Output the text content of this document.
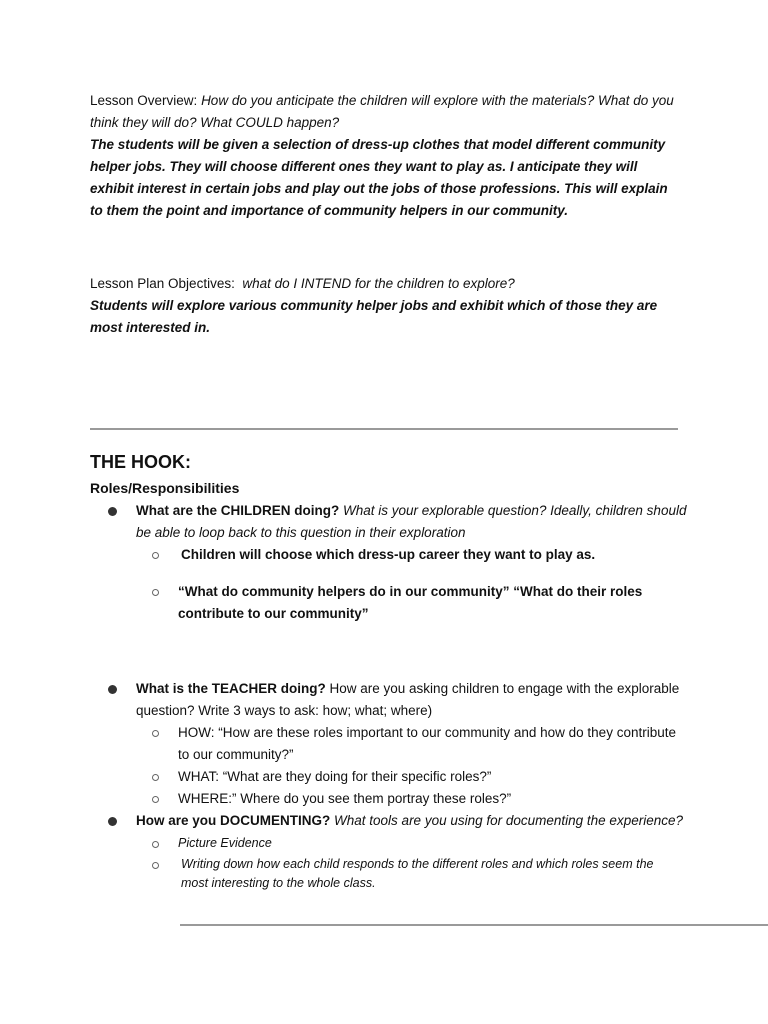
Lesson Overview: How do you anticipate the children will explore with the materials? What do you think they will do? What COULD happen?

The students will be given a selection of dress-up clothes that model different community helper jobs. They will choose different ones they want to play as. I anticipate they will exhibit interest in certain jobs and play out the jobs of those professions. This will explain to them the point and importance of community helpers in our community.

Lesson Plan Objectives: what do I INTEND for the children to explore?

Students will explore various community helper jobs and exhibit which of those they are most interested in.

THE HOOK:

Roles/Responsibilities

What are the CHILDREN doing? What is your explorable question? Ideally, children should be able to loop back to this question in their exploration
Children will choose which dress-up career they want to play as.
“What do community helpers do in our community” “What do their roles contribute to our community”
What is the TEACHER doing? How are you asking children to engage with the explorable question? Write 3 ways to ask: how; what; where)
HOW: “How are these roles important to our community and how do they contribute to our community?”
WHAT: “What are they doing for their specific roles?”
WHERE:” Where do you see them portray these roles?”
How are you DOCUMENTING? What tools are you using for documenting the experience?
Picture Evidence
Writing down how each child responds to the different roles and which roles seem the most interesting to the whole class.
